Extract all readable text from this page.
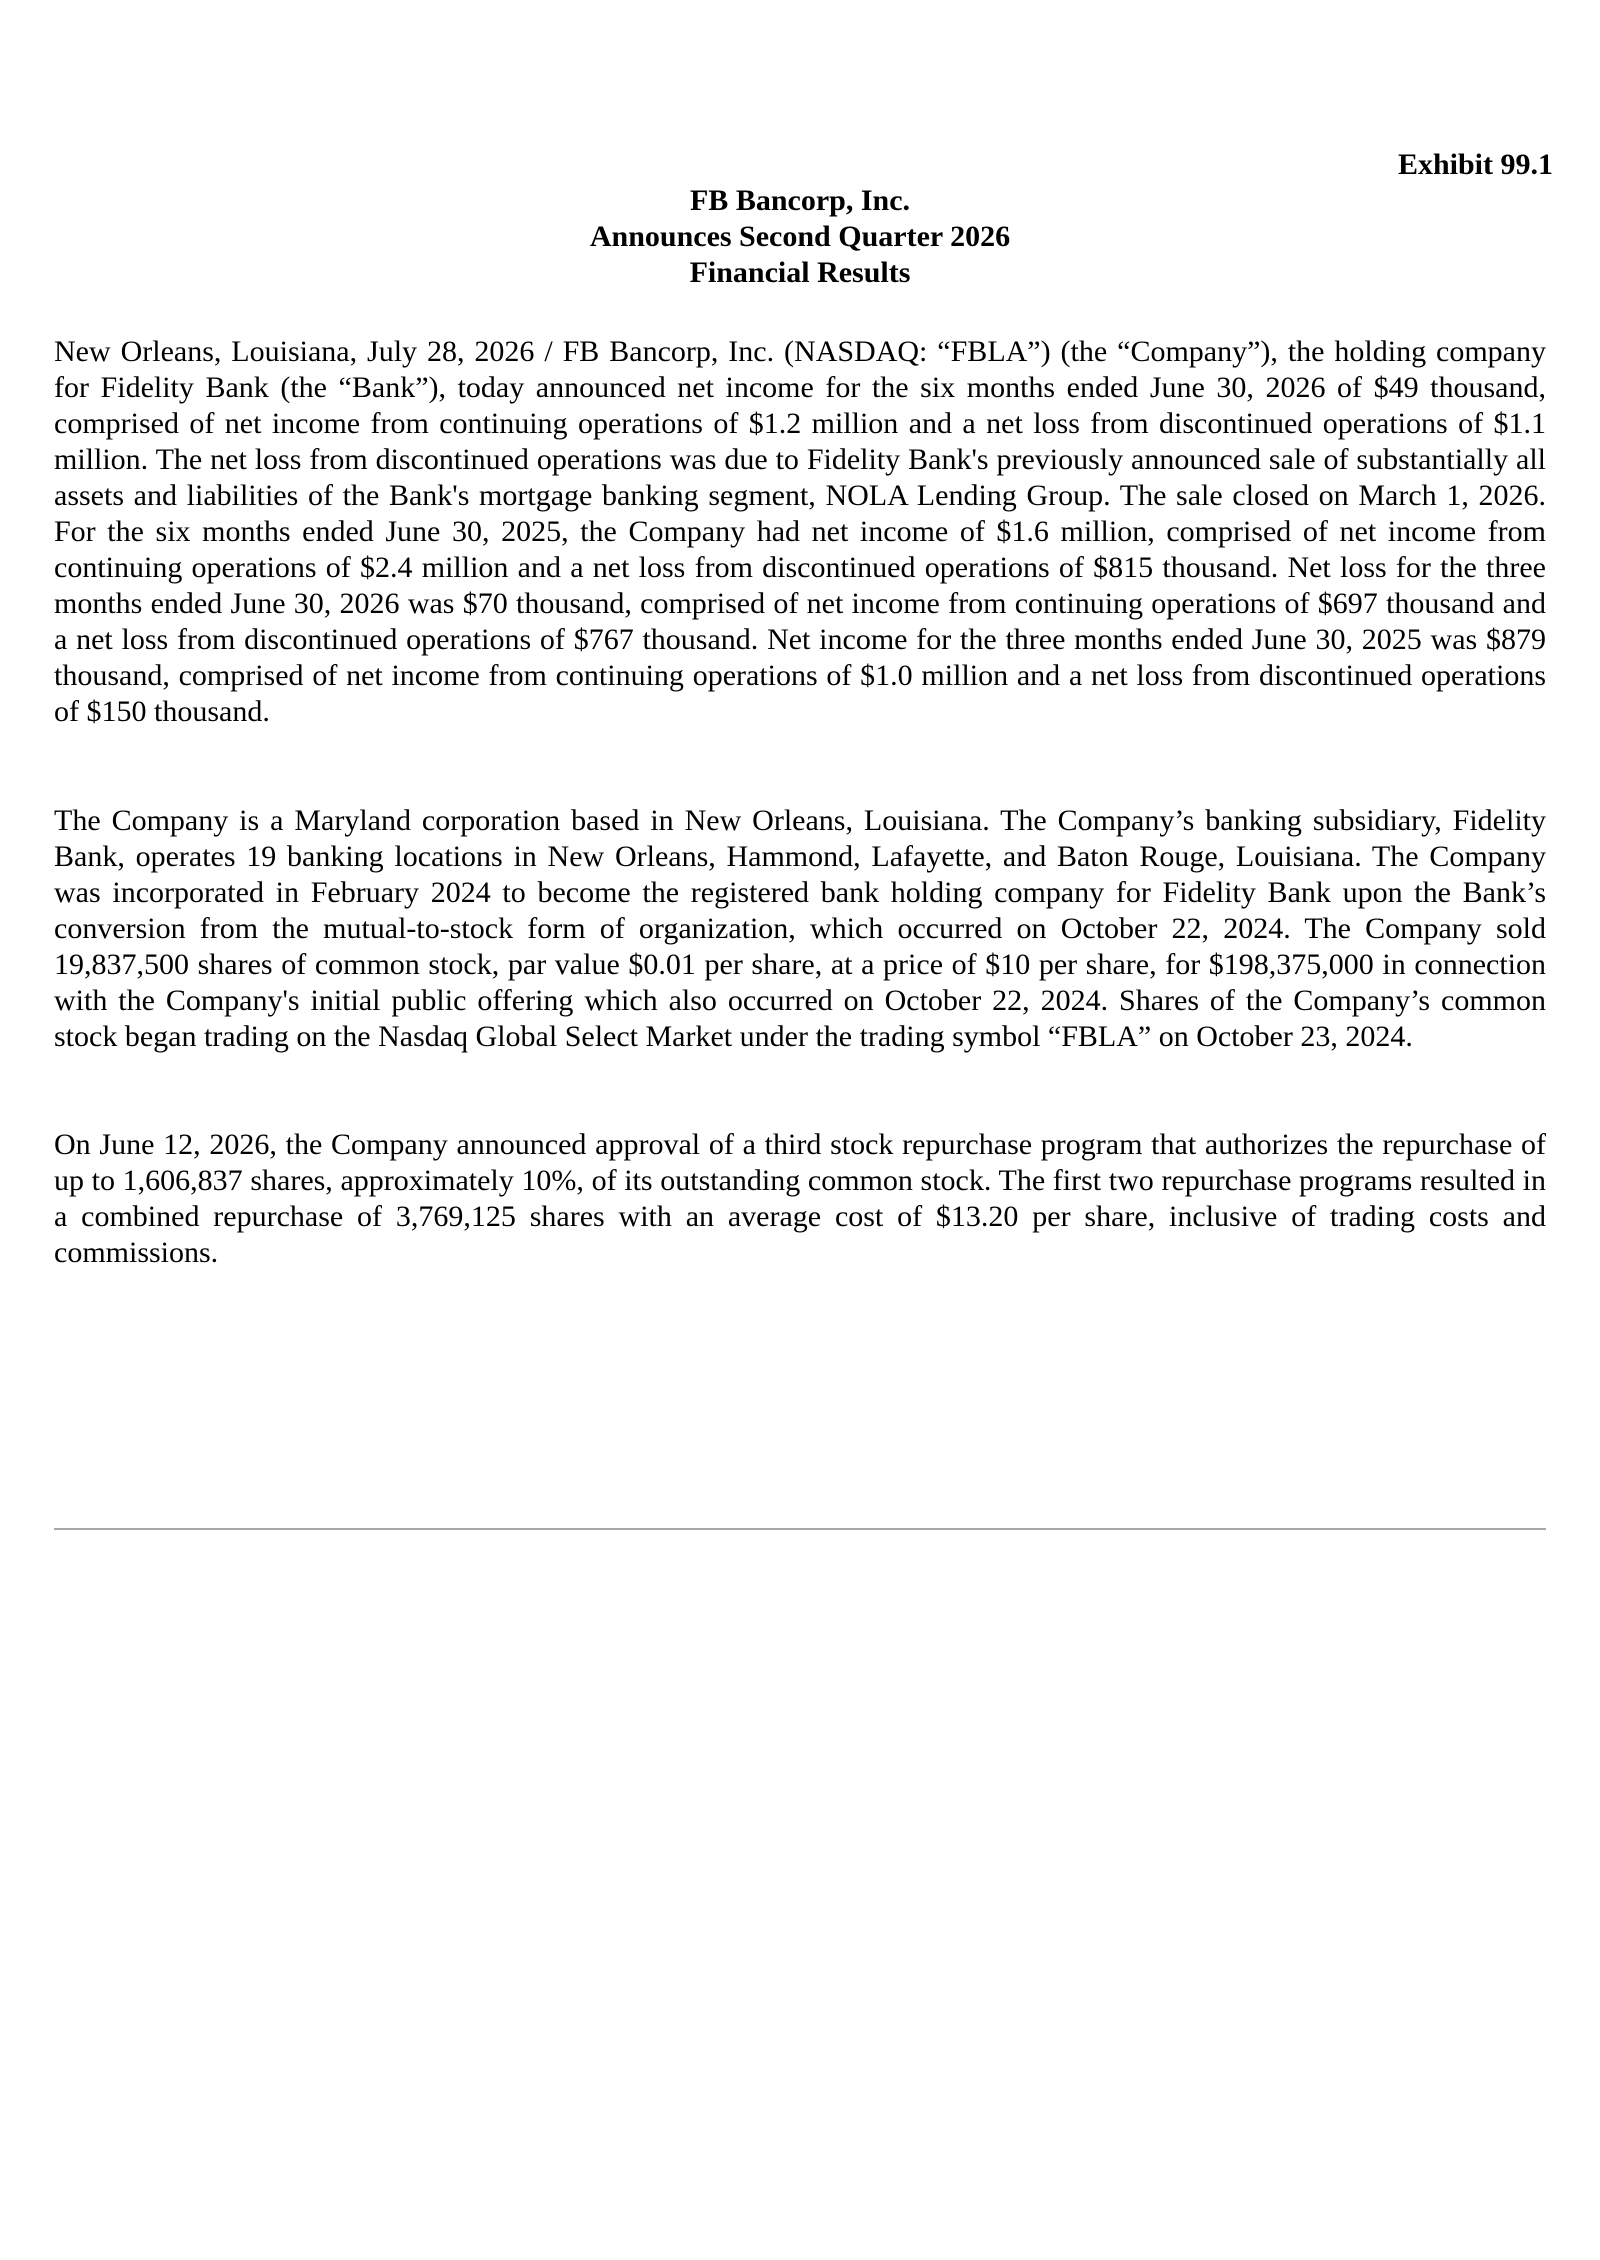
Exhibit 99.1

FB Bancorp, Inc.
Announces Second Quarter 2026
Financial Results

New Orleans, Louisiana, July 28, 2026 / FB Bancorp, Inc. (NASDAQ: “FBLA”) (the “Company”), the holding company for Fidelity Bank (the “Bank”), today announced net income for the six months ended June 30, 2026 of $49 thousand, comprised of net income from continuing operations of $1.2 million and a net loss from discontinued operations of $1.1 million. The net loss from discontinued operations was due to Fidelity Bank's previously announced sale of substantially all assets and liabilities of the Bank's mortgage banking segment, NOLA Lending Group. The sale closed on March 1, 2026. For the six months ended June 30, 2025, the Company had net income of $1.6 million, comprised of net income from continuing operations of $2.4 million and a net loss from discontinued operations of $815 thousand. Net loss for the three months ended June 30, 2026 was $70 thousand, comprised of net income from continuing operations of $697 thousand and a net loss from discontinued operations of $767 thousand. Net income for the three months ended June 30, 2025 was $879 thousand, comprised of net income from continuing operations of $1.0 million and a net loss from discontinued operations of $150 thousand.

The Company is a Maryland corporation based in New Orleans, Louisiana. The Company’s banking subsidiary, Fidelity Bank, operates 19 banking locations in New Orleans, Hammond, Lafayette, and Baton Rouge, Louisiana. The Company was incorporated in February 2024 to become the registered bank holding company for Fidelity Bank upon the Bank’s conversion from the mutual-to-stock form of organization, which occurred on October 22, 2024. The Company sold 19,837,500 shares of common stock, par value $0.01 per share, at a price of $10 per share, for $198,375,000 in connection with the Company's initial public offering which also occurred on October 22, 2024. Shares of the Company’s common stock began trading on the Nasdaq Global Select Market under the trading symbol “FBLA” on October 23, 2024.

On June 12, 2026, the Company announced approval of a third stock repurchase program that authorizes the repurchase of up to 1,606,837 shares, approximately 10%, of its outstanding common stock. The first two repurchase programs resulted in a combined repurchase of 3,769,125 shares with an average cost of $13.20 per share, inclusive of trading costs and commissions.
